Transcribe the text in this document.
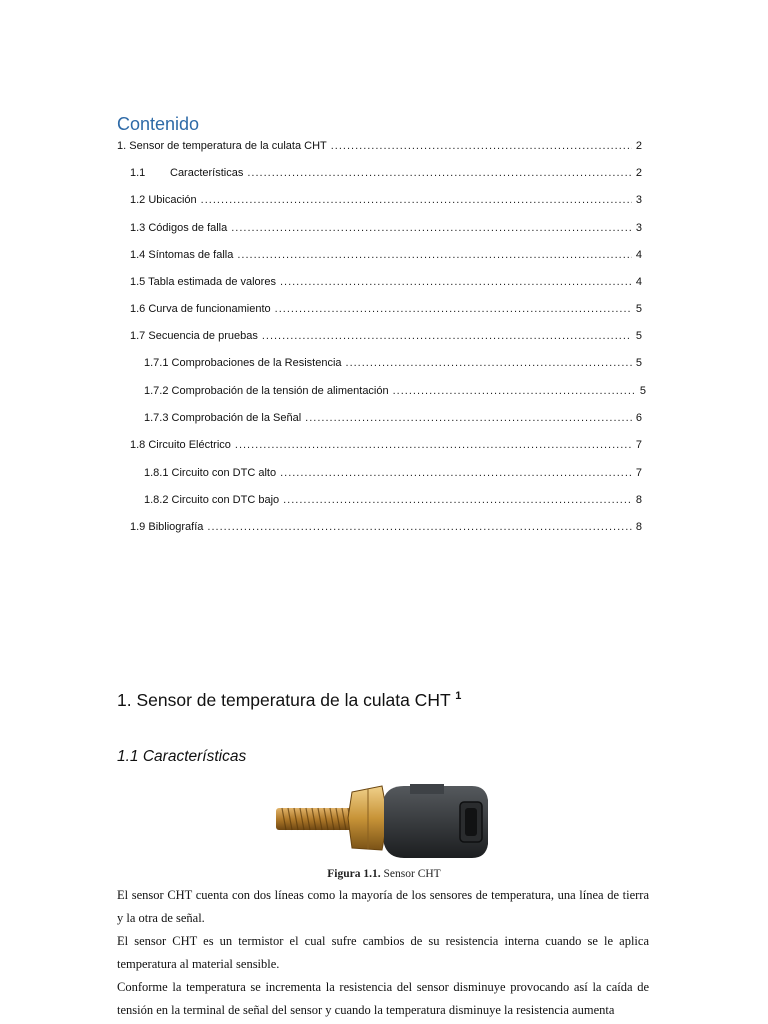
Contenido
1. Sensor de temperatura de la culata CHT .....	2
1.1 Características .....	2
1.2 Ubicación .....	3
1.3 Códigos de falla .....	3
1.4 Síntomas de falla .....	4
1.5 Tabla estimada de valores .....	4
1.6 Curva de funcionamiento .....	5
1.7 Secuencia de pruebas .....	5
1.7.1 Comprobaciones de la Resistencia .....	5
1.7.2 Comprobación de la tensión de alimentación .....	5
1.7.3 Comprobación de la Señal .....	6
1.8 Circuito Eléctrico .....	7
1.8.1 Circuito con DTC alto .....	7
1.8.2 Circuito con DTC bajo .....	8
1.9 Bibliografía .....	8
1. Sensor de temperatura de la culata CHT $^1$
1.1 Características
Figura 1.1. Sensor CHT

El sensor CHT cuenta con dos líneas como la mayoría de los sensores de temperatura, una línea de tierra y la otra de señal.

El sensor CHT es un termistor el cual sufre cambios de su resistencia interna cuando se le aplica temperatura al material sensible.

Conforme la temperatura se incrementa la resistencia del sensor disminuye provocando así la caída de tensión en la terminal de señal del sensor y cuando la temperatura disminuye la resistencia aumenta
